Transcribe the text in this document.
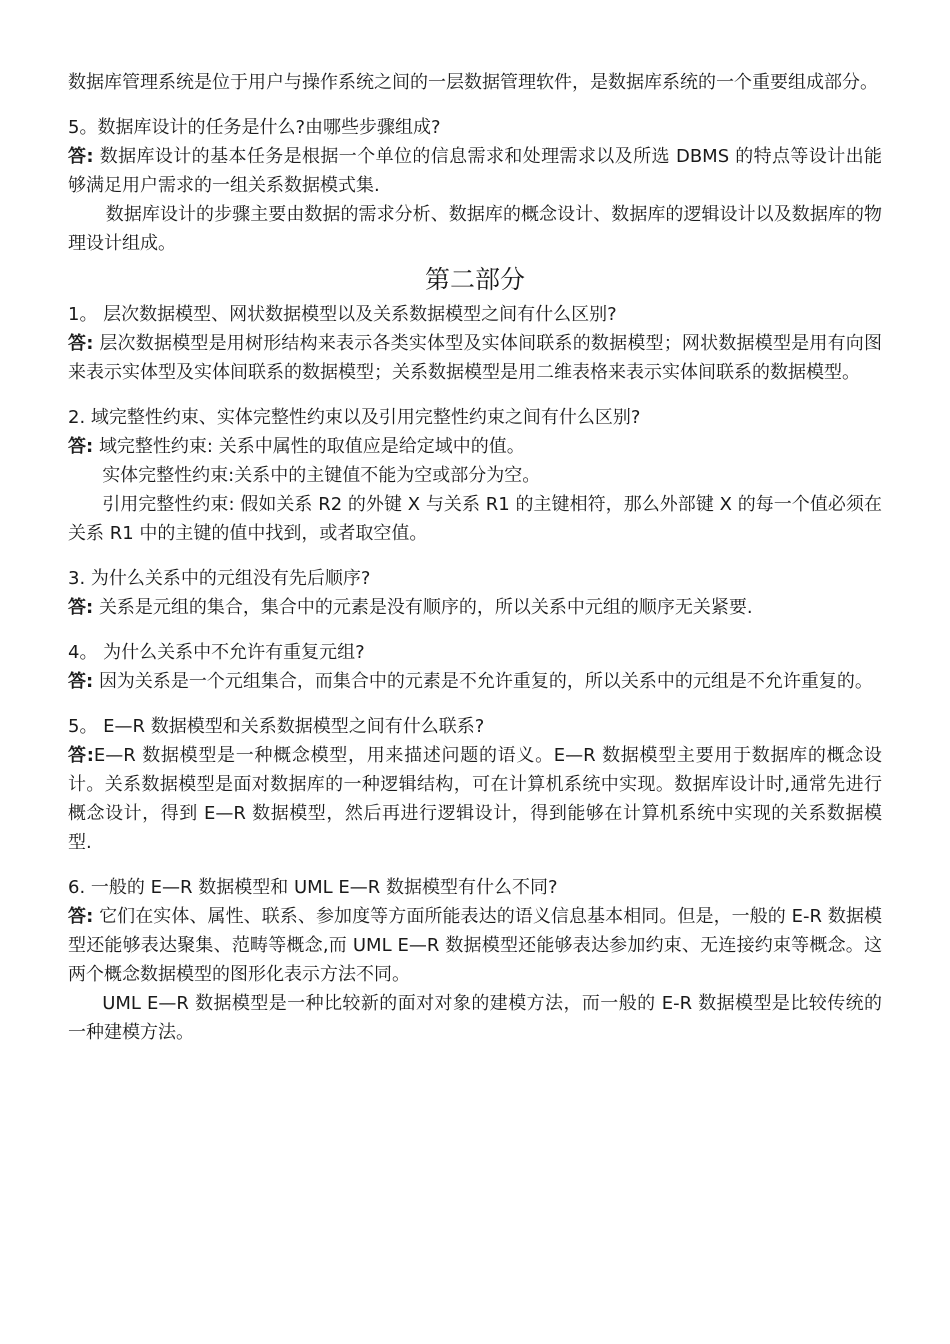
数据库管理系统是位于用户与操作系统之间的一层数据管理软件，是数据库系统的一个重要组成部分。

5。数据库设计的任务是什么?由哪些步骤组成?

答: 数据库设计的基本任务是根据一个单位的信息需求和处理需求以及所选 DBMS 的特点等设计出能够满足用户需求的一组关系数据模式集.

数据库设计的步骤主要由数据的需求分析、数据库的概念设计、数据库的逻辑设计以及数据库的物理设计组成。

第二部分

1。 层次数据模型、网状数据模型以及关系数据模型之间有什么区别?

答: 层次数据模型是用树形结构来表示各类实体型及实体间联系的数据模型；网状数据模型是用有向图来表示实体型及实体间联系的数据模型；关系数据模型是用二维表格来表示实体间联系的数据模型。

2. 域完整性约束、实体完整性约束以及引用完整性约束之间有什么区别?

答: 域完整性约束: 关系中属性的取值应是给定域中的值。

实体完整性约束:关系中的主键值不能为空或部分为空。

引用完整性约束: 假如关系 R2 的外键 X 与关系 R1 的主键相符，那么外部键 X 的每一个值必须在关系 R1 中的主键的值中找到，或者取空值。

3. 为什么关系中的元组没有先后顺序?

答: 关系是元组的集合，集合中的元素是没有顺序的，所以关系中元组的顺序无关紧要.

4。 为什么关系中不允许有重复元组?

答: 因为关系是一个元组集合，而集合中的元素是不允许重复的，所以关系中的元组是不允许重复的。

5。 E—R 数据模型和关系数据模型之间有什么联系?

答:E—R 数据模型是一种概念模型，用来描述问题的语义。E—R 数据模型主要用于数据库的概念设计。关系数据模型是面对数据库的一种逻辑结构，可在计算机系统中实现。数据库设计时,通常先进行概念设计，得到 E—R 数据模型，然后再进行逻辑设计，得到能够在计算机系统中实现的关系数据模型.

6. 一般的 E—R 数据模型和 UML E—R 数据模型有什么不同?

答: 它们在实体、属性、联系、参加度等方面所能表达的语义信息基本相同。但是，一般的 E-R 数据模型还能够表达聚集、范畴等概念,而 UML E—R 数据模型还能够表达参加约束、无连接约束等概念。这两个概念数据模型的图形化表示方法不同。

UML E—R 数据模型是一种比较新的面对对象的建模方法，而一般的 E-R 数据模型是比较传统的一种建模方法。
